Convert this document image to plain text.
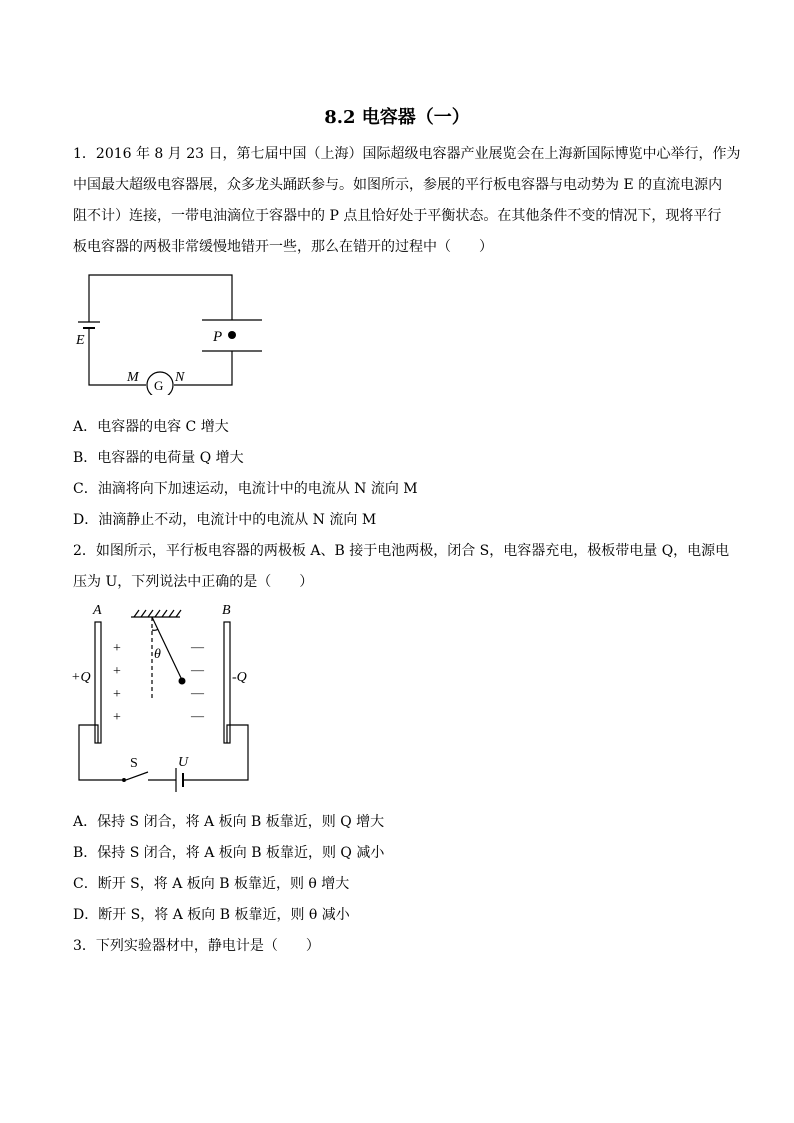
8.2 电容器（一）
1．2016 年 8 月 23 日，第七届中国（上海）国际超级电容器产业展览会在上海新国际博览中心举行，作为
中国最大超级电容器展，众多龙头踊跃参与。如图所示，参展的平行板电容器与电动势为 E 的直流电源内
阻不计）连接，一带电油滴位于容器中的 P 点且恰好处于平衡状态。在其他条件不变的情况下，现将平行
板电容器的两极非常缓慢地错开一些，那么在错开的过程中（　　）
E	P
M	N
G
A．电容器的电容 C 增大
B．电容器的电荷量 Q 增大
C．油滴将向下加速运动，电流计中的电流从 N 流向 M
D．油滴静止不动，电流计中的电流从 N 流向 M
2．如图所示，平行板电容器的两极板 A、B 接于电池两极，闭合 S，电容器充电，极板带电量 Q，电源电
压为 U，下列说法中正确的是（　　）
+
+
+
+
—
—
—
—
A	B
+Q	-Q
θ
S	U
A．保持 S 闭合，将 A 板向 B 板靠近，则 Q 增大
B．保持 S 闭合，将 A 板向 B 板靠近，则 Q 减小
C．断开 S，将 A 板向 B 板靠近，则 θ 增大
D．断开 S，将 A 板向 B 板靠近，则 θ 减小
3．下列实验器材中，静电计是（　　）
